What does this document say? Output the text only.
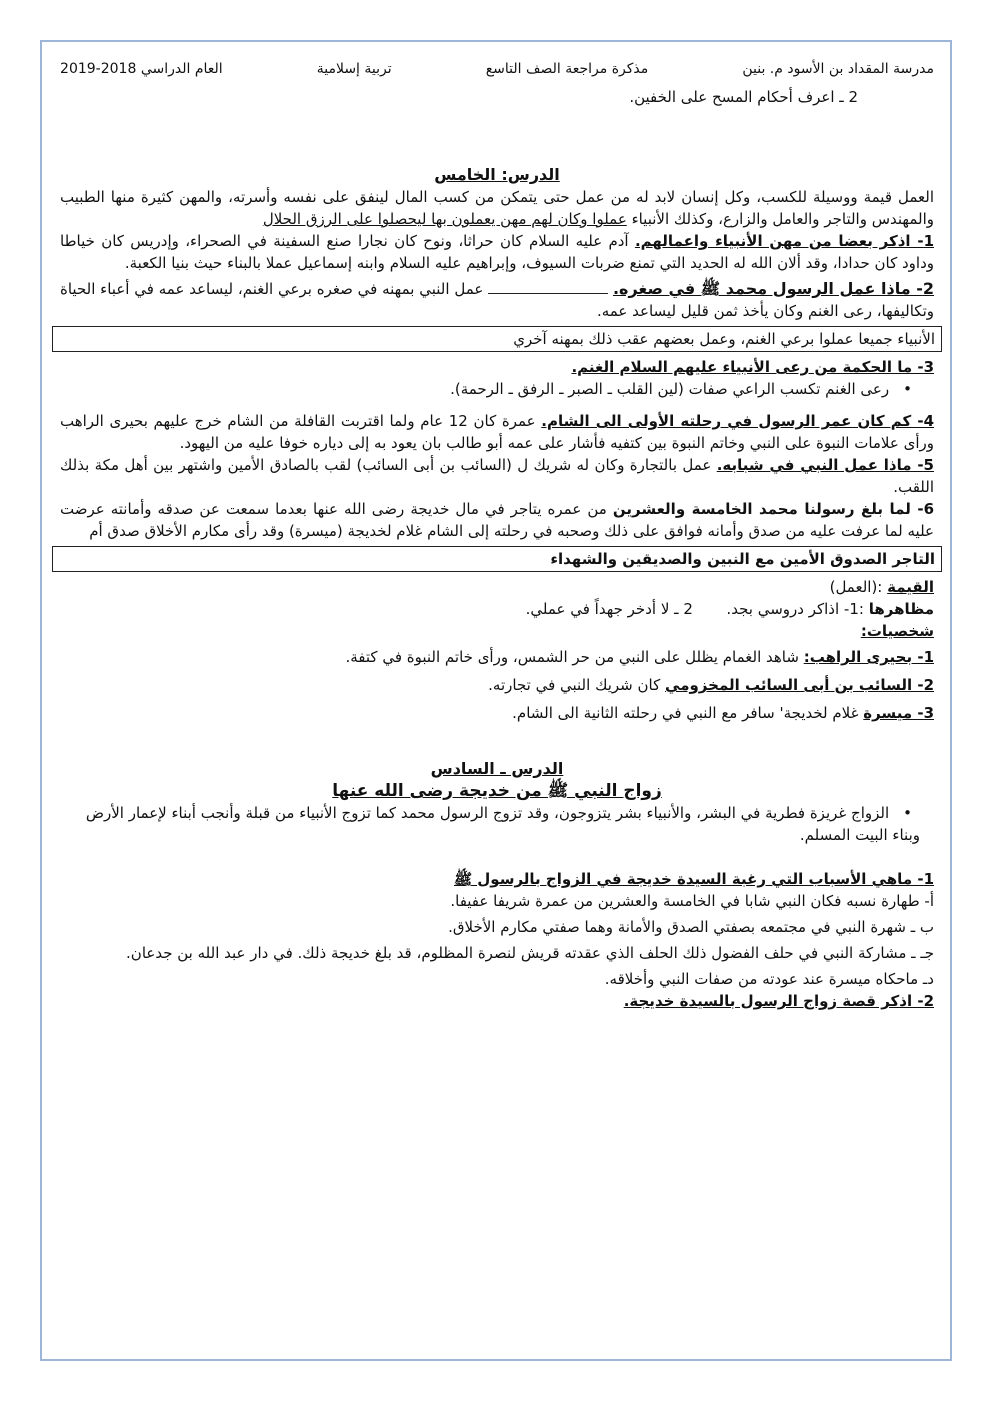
مدرسة المقداد بن الأسود م. بنين
مذكرة مراجعة الصف التاسع
تربية إسلامية
العام الدراسي 2018-2019
2 ـ اعرف أحكام المسح على الخفين.
الدرس: الخامس
العمل قيمة ووسيلة للكسب، وكل إنسان لابد له من عمل حتى يتمكن من كسب المال لينفق على نفسه وأسرته، والمهن كثيرة منها الطبيب والمهندس والتاجر والعامل والزارع، وكذلك الأنبياء عملوا وكان لهم مهن يعملون بها ليحصلوا على الرزق الحلال
1- اذكر بعضا من مهن الأنبياء واعمالهم. آدم عليه السلام كان حراثا، ونوح كان نجارا صنع السفينة في الصحراء، وإدريس كان خياطا وداود كان حدادا، وقد ألان الله له الحديد التي تمنع ضربات السيوف، وإبراهيم عليه السلام وابنه إسماعيل عملا بالبناء حيث بنيا الكعبة.
2- ماذا عمل الرسول محمد ﷺ في صغره.  عمل النبي بمهنه في صغره برعي الغنم، ليساعد عمه في أعباء الحياة وتكاليفها، رعى الغنم وكان يأخذ ثمن قليل ليساعد عمه.
الأنبياء جميعا عملوا برعي الغنم، وعمل بعضهم عقب ذلك بمهنه آخري
3- ما الحكمة من رعى الأنبياء عليهم السلام الغنم.
• رعى الغنم تكسب الراعي صفات (لين القلب ـ الصبر ـ الرفق ـ الرحمة).
4- كم كان عمر الرسول في رحلته الأولى الى الشام. عمرة كان 12 عام ولما اقتربت القافلة من الشام خرج عليهم بحيرى الراهب ورأى علامات النبوة على النبي وخاتم النبوة بين كتفيه فأشار على عمه أبو طالب بان يعود به إلى دياره خوفا عليه من اليهود.
5- ماذا عمل النبي في شبابه. عمل بالتجارة وكان له شريك ل (السائب بن أبى السائب) لقب بالصادق الأمين واشتهر بين أهل مكة بذلك اللقب.
6- لما بلغ رسولنا محمد الخامسة والعشرين من عمره يتاجر في مال خديجة رضى الله عنها بعدما سمعت عن صدقه وأمانته عرضت عليه لما عرفت عليه من صدق وأمانه فوافق على ذلك وصحبه في رحلته إلى الشام غلام لخديجة (ميسرة) وقد رأى مكارم الأخلاق صدق أم
التاجر الصدوق الأمين مع النبين والصديقين والشهداء
القيمة :(العمل)
مظاهرها :1- اذاكر دروسي بجد.  2 ـ لا أدخر جهداً في عملي.
شخصيات:
1- بحيرى الراهب: شاهد الغمام يظلل على النبي من حر الشمس، ورأى خاتم النبوة في كتفة.
2- السائب بن أبى السائب المخزومي كان شريك النبي في تجارته.
3- ميسرة غلام لخديجة' سافر مع النبي في رحلته الثانية الى الشام.
الدرس ـ السادس
زواج النبي ﷺ من خديجة رضى الله عنها
• الزواج غريزة فطرية في البشر، والأنبياء بشر يتزوجون، وقد تزوج الرسول محمد كما تزوج الأنبياء من قبلة وأنجب أبناء لإعمار الأرض وبناء البيت المسلم.
1- ماهي الأسباب التي رغبة السيدة خديجة في الزواج بالرسول ﷺ
أ- طهارة نسبه فكان النبي شابا في الخامسة والعشرين من عمرة شريفا عفيفا.
ب ـ شهرة النبي في مجتمعه بصفتي الصدق والأمانة وهما صفتي مكارم الأخلاق.
جـ ـ مشاركة النبي في حلف الفضول ذلك الحلف الذي عقدته قريش لنصرة المظلوم، قد بلغ خديجة ذلك. في دار عبد الله بن جدعان.
دـ ماحكاه ميسرة عند عودته من صفات النبي وأخلاقه.
2- اذكر قصة زواج الرسول بالسيدة خديجة.
